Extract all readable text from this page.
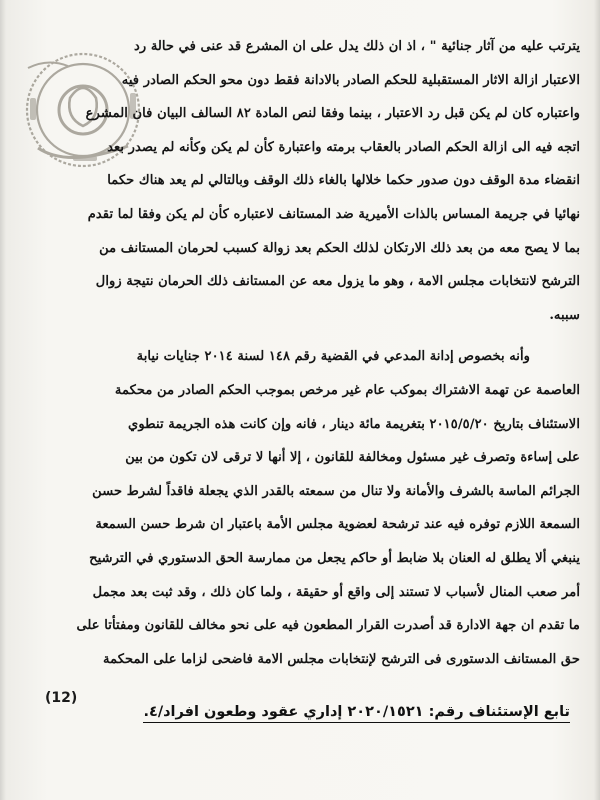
يترتب عليه من آثار جنائية " ، اذ ان ذلك يدل على ان المشرع قد عنى في حالة رد
الاعتبار ازالة الاثار المستقبلية للحكم الصادر بالادانة فقط دون محو الحكم الصادر فيه
واعتباره كان لم يكن قبل رد الاعتبار ، بينما وفقا لنص المادة ٨٢ السالف البيان فان المشرع
اتجه فيه الى ازالة الحكم الصادر بالعقاب برمته واعتبارة كأن لم يكن وكأنه لم يصدر بعد
انقضاء مدة الوقف دون صدور حكما خلالها بالغاء ذلك الوقف وبالتالي لم يعد هناك حكما
نهائيا في جريمة المساس بالذات الأميرية ضد المستانف لاعتباره كأن لم يكن وفقا لما تقدم
بما لا يصح معه من بعد ذلك الارتكان لذلك الحكم بعد زوالة كسبب لحرمان المستانف من
الترشح لانتخابات مجلس الامة ، وهو ما يزول معه عن المستانف ذلك الحرمان نتيجة زوال
سببه.
وأنه بخصوص إدانة المدعي في القضية رقم ١٤٨ لسنة ٢٠١٤ جنايات نيابة
العاصمة عن تهمة الاشتراك بموكب عام غير مرخص بموجب الحكم الصادر من محكمة
الاستئناف بتاريخ ٢٠١٥/٥/٢٠ بتغريمة مائة دينار ، فانه وإن كانت هذه الجريمة تنطوي
على إساءة وتصرف غير مسئول ومخالفة للقانون ، إلا أنها لا ترقى لان تكون من بين
الجرائم الماسة بالشرف والأمانة ولا تنال من سمعته بالقدر الذي يجعلة فاقداً لشرط حسن
السمعة اللازم توفره فيه عند ترشحة لعضوية مجلس الأمة باعتبار ان شرط حسن السمعة
ينبغي ألا يطلق له العنان بلا ضابط أو حاكم يجعل من ممارسة الحق الدستوري في الترشيح
أمر صعب المنال لأسباب لا تستند إلى واقع أو حقيقة ، ولما كان ذلك ، وقد ثبت بعد مجمل
ما تقدم ان جهة الادارة قد أصدرت القرار المطعون فيه على نحو مخالف للقانون ومفتأتا على
حق المستانف الدستورى فى الترشح لإنتخابات مجلس الامة فاضحى لزاما على المحكمة
(12)
تابع الإستئناف رقم: ٢٠٢٠/١٥٢١ إداري عقود وطعون افراد/٤.
